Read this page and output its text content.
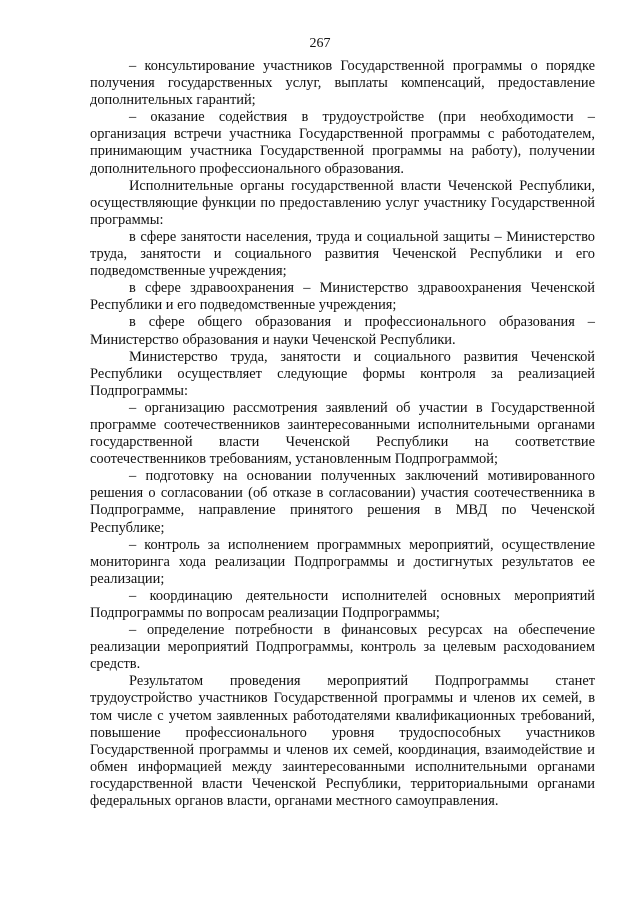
267

– консультирование участников Государственной программы о порядке получения государственных услуг, выплаты компенсаций, предоставление дополнительных гарантий;

– оказание содействия в трудоустройстве (при необходимости – организация встречи участника Государственной программы с работодателем, принимающим участника Государственной программы на работу), получении дополнительного профессионального образования.

Исполнительные органы государственной власти Чеченской Республики, осуществляющие функции по предоставлению услуг участнику Государственной программы:

в сфере занятости населения, труда и социальной защиты – Министерство труда, занятости и социального развития Чеченской Республики и его подведомственные учреждения;

в сфере здравоохранения – Министерство здравоохранения Чеченской Республики и его подведомственные учреждения;

в сфере общего образования и профессионального образования – Министерство образования и науки Чеченской Республики.

Министерство труда, занятости и социального развития Чеченской Республики осуществляет следующие формы контроля за реализацией Подпрограммы:

– организацию рассмотрения заявлений об участии в Государственной программе соотечественников заинтересованными исполнительными органами государственной власти Чеченской Республики на соответствие соотечественников требованиям, установленным Подпрограммой;

– подготовку на основании полученных заключений мотивированного решения о согласовании (об отказе в согласовании) участия соотечественника в Подпрограмме, направление принятого решения в МВД по Чеченской Республике;

– контроль за исполнением программных мероприятий, осуществление мониторинга хода реализации Подпрограммы и достигнутых результатов ее реализации;

– координацию деятельности исполнителей основных мероприятий Подпрограммы по вопросам реализации Подпрограммы;

– определение потребности в финансовых ресурсах на обеспечение реализации мероприятий Подпрограммы, контроль за целевым расходованием средств.

Результатом проведения мероприятий Подпрограммы станет трудоустройство участников Государственной программы и членов их семей, в том числе с учетом заявленных работодателями квалификационных требований, повышение профессионального уровня трудоспособных участников Государственной программы и членов их семей, координация, взаимодействие и обмен информацией между заинтересованными исполнительными органами государственной власти Чеченской Республики, территориальными органами федеральных органов власти, органами местного самоуправления.
